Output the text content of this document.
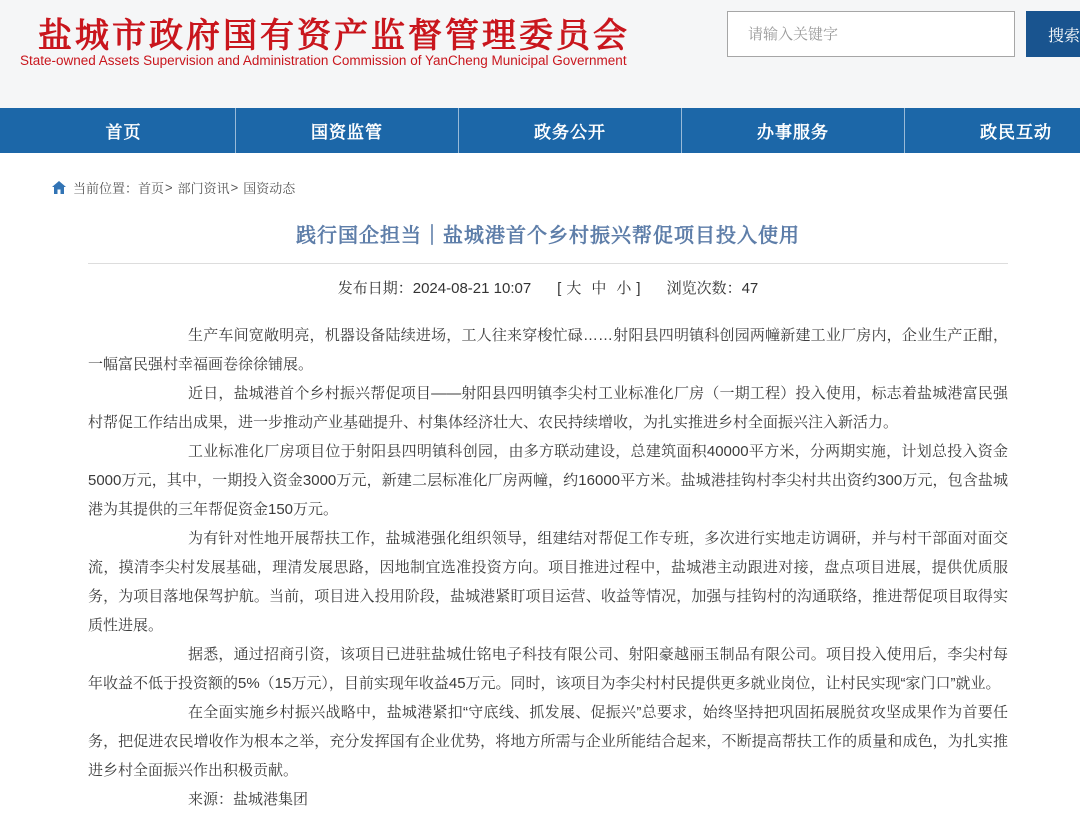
盐城市政府国有资产监督管理委员会
State-owned Assets Supervision and Administration Commission of YanCheng Municipal Government
请输入关键字
搜索
首页	国资监管	政务公开	办事服务	政民互动
当前位置： 首页 > 部门资讯 > 国资动态
践行国企担当｜盐城港首个乡村振兴帮促项目投入使用
发布日期：2024-08-21 10:07 [ 大 中 小 ] 浏览次数：47

生产车间宽敞明亮，机器设备陆续进场，工人往来穿梭忙碌……射阳县四明镇科创园两幢新建工业厂房内，企业生产正酣，一幅富民强村幸福画卷徐徐铺展。

近日，盐城港首个乡村振兴帮促项目——射阳县四明镇李尖村工业标准化厂房（一期工程）投入使用，标志着盐城港富民强村帮促工作结出成果，进一步推动产业基础提升、村集体经济壮大、农民持续增收，为扎实推进乡村全面振兴注入新活力。

工业标准化厂房项目位于射阳县四明镇科创园，由多方联动建设，总建筑面积40000平方米，分两期实施，计划总投入资金5000万元，其中，一期投入资金3000万元，新建二层标准化厂房两幢，约16000平方米。盐城港挂钩村李尖村共出资约300万元，包含盐城港为其提供的三年帮促资金150万元。

为有针对性地开展帮扶工作，盐城港强化组织领导，组建结对帮促工作专班，多次进行实地走访调研，并与村干部面对面交流，摸清李尖村发展基础，理清发展思路，因地制宜选准投资方向。项目推进过程中，盐城港主动跟进对接，盘点项目进展，提供优质服务，为项目落地保驾护航。当前，项目进入投用阶段，盐城港紧盯项目运营、收益等情况，加强与挂钩村的沟通联络，推进帮促项目取得实质性进展。

据悉，通过招商引资，该项目已进驻盐城仕铭电子科技有限公司、射阳豪越丽玉制品有限公司。项目投入使用后，李尖村每年收益不低于投资额的5%（15万元），目前实现年收益45万元。同时，该项目为李尖村村民提供更多就业岗位，让村民实现“家门口”就业。

在全面实施乡村振兴战略中，盐城港紧扣“守底线、抓发展、促振兴”总要求，始终坚持把巩固拓展脱贫攻坚成果作为首要任务，把促进农民增收作为根本之举，充分发挥国有企业优势，将地方所需与企业所能结合起来，不断提高帮扶工作的质量和成色，为扎实推进乡村全面振兴作出积极贡献。

来源：盐城港集团
